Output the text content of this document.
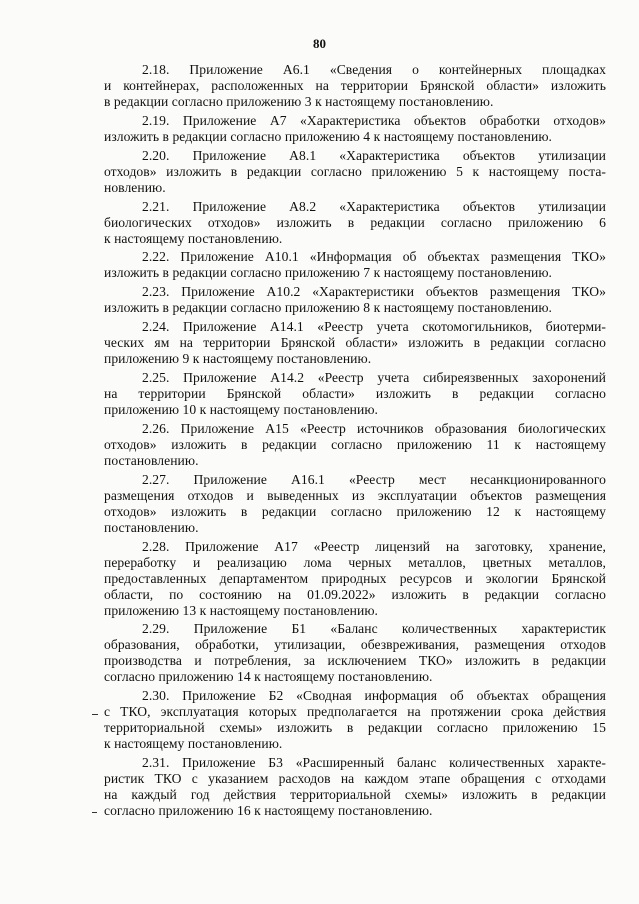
80
2.18. Приложение А6.1 «Сведения о контейнерных площадках
и контейнерах, расположенных на территории Брянской области» изложить
в редакции согласно приложению 3 к настоящему постановлению.
2.19. Приложение А7 «Характеристика объектов обработки отходов»
изложить в редакции согласно приложению 4 к настоящему постановлению.
2.20. Приложение А8.1 «Характеристика объектов утилизации
отходов» изложить в редакции согласно приложению 5 к настоящему поста-
новлению.
2.21. Приложение А8.2 «Характеристика объектов утилизации
биологических отходов» изложить в редакции согласно приложению 6
к настоящему постановлению.
2.22. Приложение А10.1 «Информация об объектах размещения ТКО»
изложить в редакции согласно приложению 7 к настоящему постановлению.
2.23. Приложение А10.2 «Характеристики объектов размещения ТКО»
изложить в редакции согласно приложению 8 к настоящему постановлению.
2.24. Приложение А14.1 «Реестр учета скотомогильников, биотерми-
ческих ям на территории Брянской области» изложить в редакции согласно
приложению 9 к настоящему постановлению.
2.25. Приложение А14.2 «Реестр учета сибиреязвенных захоронений
на территории Брянской области» изложить в редакции согласно
приложению 10 к настоящему постановлению.
2.26. Приложение А15 «Реестр источников образования биологических
отходов» изложить в редакции согласно приложению 11 к настоящему
постановлению.
2.27. Приложение А16.1 «Реестр мест несанкционированного
размещения отходов и выведенных из эксплуатации объектов размещения
отходов» изложить в редакции согласно приложению 12 к настоящему
постановлению.
2.28. Приложение А17 «Реестр лицензий на заготовку, хранение,
переработку и реализацию лома черных металлов, цветных металлов,
предоставленных департаментом природных ресурсов и экологии Брянской
области, по состоянию на 01.09.2022» изложить в редакции согласно
приложению 13 к настоящему постановлению.
2.29. Приложение Б1 «Баланс количественных характеристик
образования, обработки, утилизации, обезвреживания, размещения отходов
производства и потребления, за исключением ТКО» изложить в редакции
согласно приложению 14 к настоящему постановлению.
2.30. Приложение Б2 «Сводная информация об объектах обращения
с ТКО, эксплуатация которых предполагается на протяжении срока действия
территориальной схемы» изложить в редакции согласно приложению 15
к настоящему постановлению.
2.31. Приложение Б3 «Расширенный баланс количественных характе-
ристик ТКО с указанием расходов на каждом этапе обращения с отходами
на каждый год действия территориальной схемы» изложить в редакции
согласно приложению 16 к настоящему постановлению.
